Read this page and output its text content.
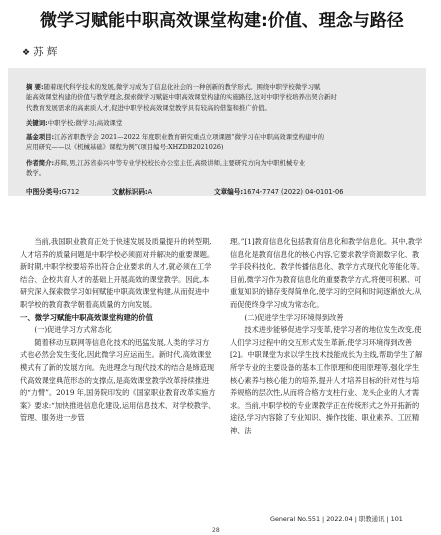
微学习赋能中职高效课堂构建:价值、理念与路径
❖ 苏 辉
摘 要:随着现代科学技术的发展,微学习成为了信息化社会的一种创新的教学形式。围绕中职学校微学习赋
能高效课堂构建的价值与教学理念,探索微学习赋能中职高效课堂构建的实施路径,这对中职学校培养出契合新时
代教育发展需求的高素质人才,促进中职学校高效课堂教学具有较高的借鉴和推广价值。
关键词:中职学校;微学习;高效课堂
基金项目:江苏省职教学会 2021—2022 年度职业教育研究重点立项课题“微学习在中职高效课堂构建中的
应用研究——以《机械基础》课程为例”(项目编号:XHZDB2021026)
作者简介:苏辉,男,江苏省泰兴中等专业学校校长办公室主任,高级讲师,主要研究方向为中职机械专业
教学。
中图分类号:G712	文献标识码:A	文章编号:1674-7747 (2022) 04-0101-06

当前,我国职业教育正处于快速发展及质量提升的转型期,人才培养的质量问题是中职学校必须面对并解决的重要课题。新时期,中职学校要培养出符合企业要求的人才,就必须在工学结合、企校共育人才的基础上开展高效的课堂教学。因此,本研究深入探索微学习如何赋能中职高效课堂构建,从而促进中职学校的教育教学朝着高质量的方向发展。

一、微学习赋能中职高效课堂构建的价值

(一)促进学习方式常态化

随着移动互联网等信息化技术的迅猛发展,人类的学习方式也必然会发生变化,因此微学习应运而生。新时代,高效课堂模式有了新的发展方向。先进理念与现代技术的结合是缔造现代高效课堂典范形态的支撑点,是高效课堂教学改革持续推进的“力臂”。2019 年,国务院印发的《国家职业教育改革实施方案》要求:“加快推进信息化建设,运用信息技术、对学校教学、管理、服务进一步管

理。”[1]教育信息化包括教育信息化和教学信息化。其中,教学信息化是教育信息化的核心内容,它要求教学资源数字化、教学手段科技化、教学传播信息化、教学方式现代化等能化等。目前,微学习作为教育信息化的重要教学方式,将便可积累、可重复知识的储存变得简单化,使学习的空间和时间逐渐放大,从而促使终身学习成为常态化。

(二)促进学生学习环境得到改善

技术进步能够促进学习变革,使学习者的地位发生改变,使人们学习过程中的交互形式发生革新,使学习环境得到改善[2]。中职课堂为求以学生技术技能成长为主线,帮助学生了解所学专业的主要设备的基本工作原理和使用原理等,强化学生核心素养与核心能力的培养,提升人才培养目标的针对性与培养规格的层次性,从而将合格方支柱行业、龙头企业的人才需求。当前,中职学校的专业课教学正在传统形式之外开拓新的途径,学习内容除了专业知识、操作技能、职业素养、工匠精神、法

General No.551 | 2022.04 | 职教通讯 | 101
28
